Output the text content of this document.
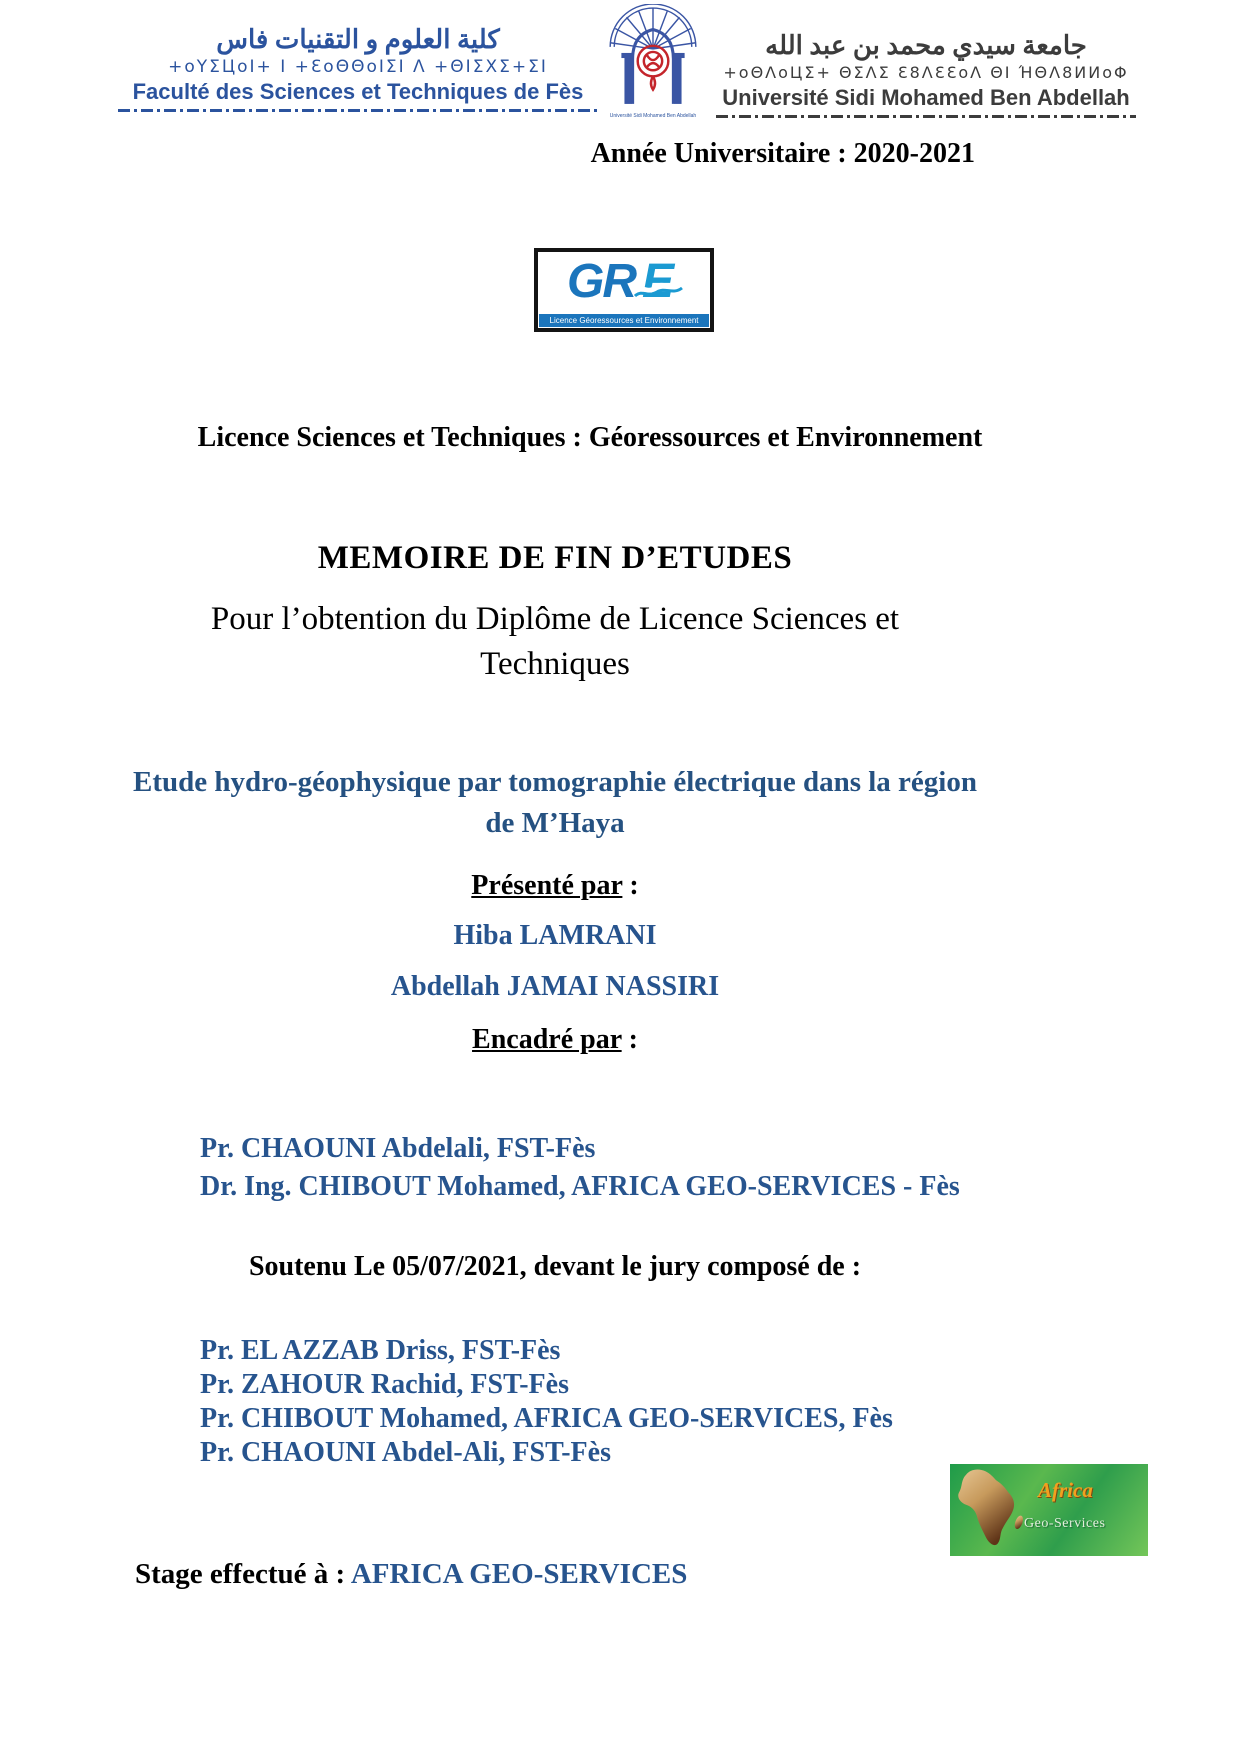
كلية العلوم و التقنيات فاس
+oΥΣЦoI+ I +ƐoΘΘoIΣI Λ +ΘIΣΧΣ+ΣI
Faculté des Sciences et Techniques de Fès
Université Sidi Mohamed Ben Abdellah
جامعة سيدي محمد بن عبد الله
+oΘΛoЦΣ+ ΘΣΛΣ Ɛ8ΛƐƐoΛ ΘI ΉΘΛ8ИИoΦ
Université Sidi Mohamed Ben Abdellah
Année Universitaire : 2020-2021
GR E
Licence Géoressources et Environnement
Licence Sciences et Techniques : Géoressources et Environnement
MEMOIRE DE FIN D’ETUDES
Pour l’obtention du Diplôme de Licence Sciences et Techniques
Etude hydro-géophysique par tomographie électrique dans la région de M’Haya
Présenté par :
Hiba LAMRANI
Abdellah JAMAI NASSIRI
Encadré par :
Pr. CHAOUNI Abdelali, FST-Fès
Dr. Ing. CHIBOUT Mohamed, AFRICA GEO-SERVICES - Fès
Soutenu Le 05/07/2021, devant le jury composé de :
Pr. EL AZZAB Driss, FST-Fès
Pr. ZAHOUR Rachid, FST-Fès
Pr. CHIBOUT Mohamed, AFRICA GEO-SERVICES, Fès
Pr. CHAOUNI Abdel-Ali, FST-Fès
Africa
Geo-Services
Stage effectué à : AFRICA GEO-SERVICES
